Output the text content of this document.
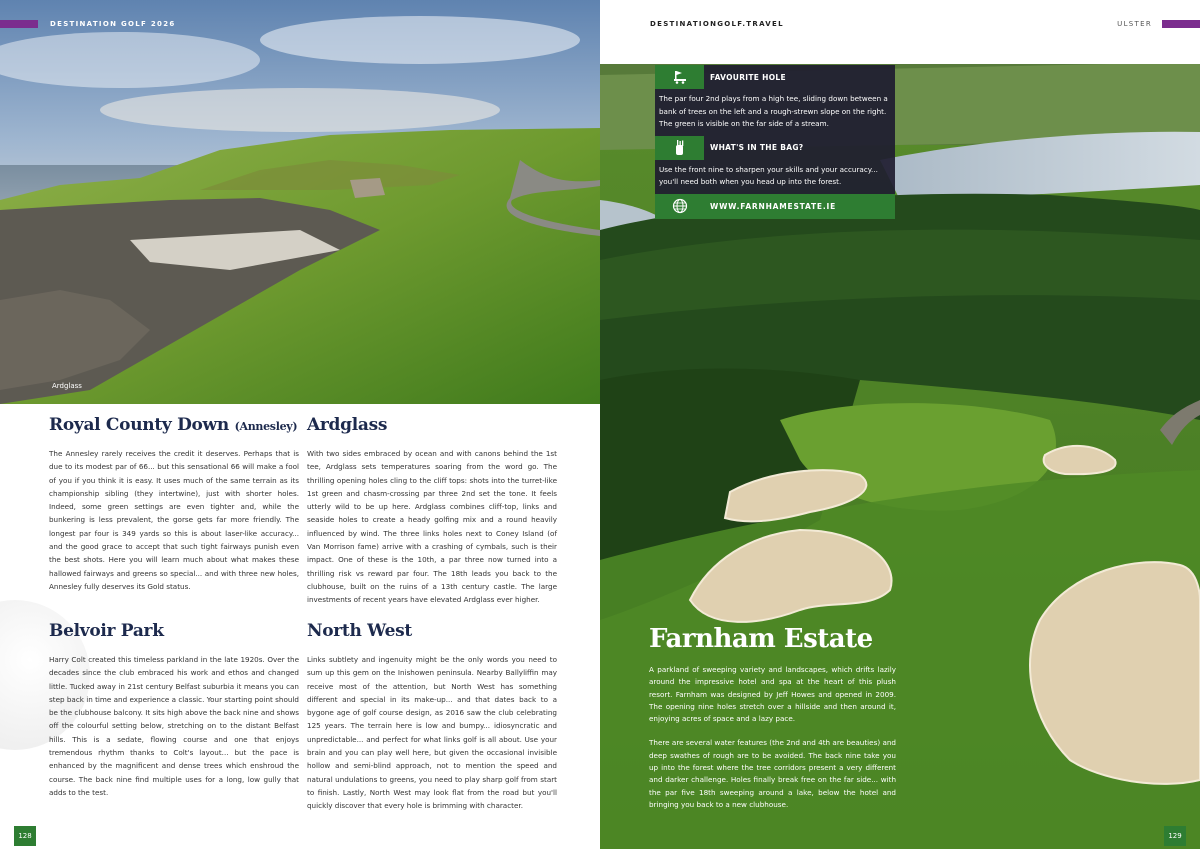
DESTINATION GOLF 2026
Ardglass
Royal County Down (Annesley)

The Annesley rarely receives the credit it deserves. Perhaps that is due to its modest par of 66... but this sensational 66 will make a fool of you if you think it is easy. It uses much of the same terrain as its championship sibling (they intertwine), just with shorter holes. Indeed, some green settings are even tighter and, while the bunkering is less prevalent, the gorse gets far more friendly. The longest par four is 349 yards so this is about laser-like accuracy... and the good grace to accept that such tight fairways punish even the best shots. Here you will learn much about what makes these hallowed fairways and greens so special... and with three new holes, Annesley fully deserves its Gold status.

Ardglass

With two sides embraced by ocean and with canons behind the 1st tee, Ardglass sets temperatures soaring from the word go. The thrilling opening holes cling to the cliff tops: shots into the turret-like 1st green and chasm-crossing par three 2nd set the tone. It feels utterly wild to be up here. Ardglass combines cliff-top, links and seaside holes to create a heady golfing mix and a round heavily influenced by wind. The three links holes next to Coney Island (of Van Morrison fame) arrive with a crashing of cymbals, such is their impact. One of these is the 10th, a par three now turned into a thrilling risk vs reward par four. The 18th leads you back to the clubhouse, built on the ruins of a 13th century castle. The large investments of recent years have elevated Ardglass ever higher.

Belvoir Park

Harry Colt created this timeless parkland in the late 1920s. Over the decades since the club embraced his work and ethos and changed little. Tucked away in 21st century Belfast suburbia it means you can step back in time and experience a classic. Your starting point should be the clubhouse balcony. It sits high above the back nine and shows off the colourful setting below, stretching on to the distant Belfast hills. This is a sedate, flowing course and one that enjoys tremendous rhythm thanks to Colt's layout... but the pace is enhanced by the magnificent and dense trees which enshroud the course. The back nine find multiple uses for a long, low gully that adds to the test.

North West

Links subtlety and ingenuity might be the only words you need to sum up this gem on the Inishowen peninsula. Nearby Ballyliffin may receive most of the attention, but North West has something different and special in its make-up... and that dates back to a bygone age of golf course design, as 2016 saw the club celebrating 125 years. The terrain here is low and bumpy... idiosyncratic and unpredictable... and perfect for what links golf is all about. Use your brain and you can play well here, but given the occasional invisible hollow and semi-blind approach, not to mention the speed and natural undulations to greens, you need to play sharp golf from start to finish. Lastly, North West may look flat from the road but you'll quickly discover that every hole is brimming with character.

128
DESTINATIONGOLF.TRAVEL	ULSTER
FAVOURITE HOLE
The par four 2nd plays from a high tee, sliding down between a bank of trees on the left and a rough-strewn slope on the right. The green is visible on the far side of a stream.
WHAT'S IN THE BAG?
Use the front nine to sharpen your skills and your accuracy... you'll need both when you head up into the forest.
WWW.FARNHAMESTATE.IE
Farnham Estate

A parkland of sweeping variety and landscapes, which drifts lazily around the impressive hotel and spa at the heart of this plush resort. Farnham was designed by Jeff Howes and opened in 2009. The opening nine holes stretch over a hillside and then around it, enjoying acres of space and a lazy pace.

There are several water features (the 2nd and 4th are beauties) and deep swathes of rough are to be avoided. The back nine take you up into the forest where the tree corridors present a very different and darker challenge. Holes finally break free on the far side... with the par five 18th sweeping around a lake, below the hotel and bringing you back to a new clubhouse.

129
